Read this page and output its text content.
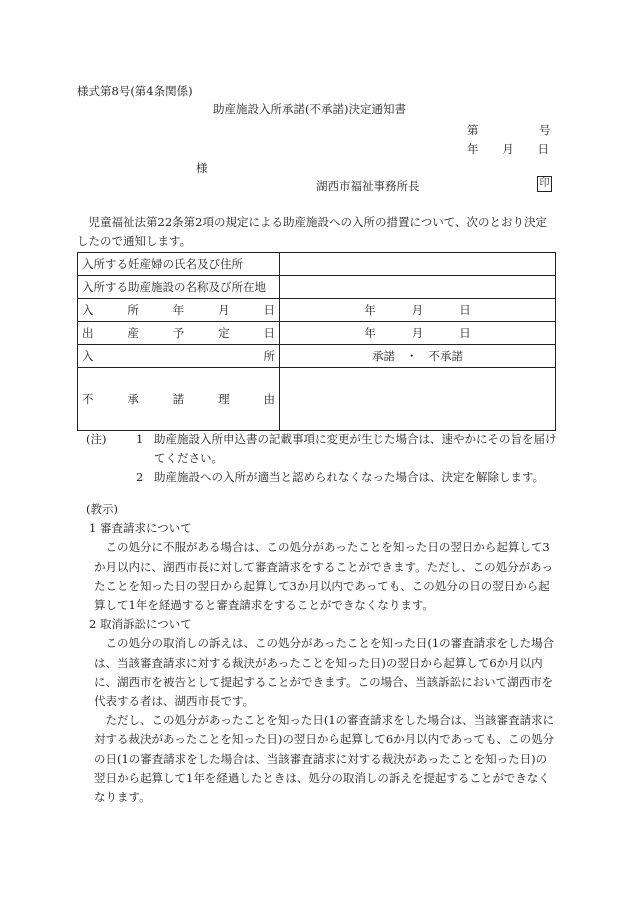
様式第8号(第4条関係)
助産施設入所承諾(不承諾)決定通知書
第	号
年 月 日
様
湖西市福祉事務所長	印
児童福祉法第22条第2項の規定による助産施設への入所の措置について、次のとおり決定したので通知します。
入所する妊産婦の氏名及び住所	
入所する助産施設の名称及び所在地	

入 所 年 月 日	年 月 日

出 産 予 定 日	年 月 日

入 所	承諾 ・ 不承諾

不 承 諾 理 由	

(注)	1 助産施設入所申込書の記載事項に変更が生じた場合は、速やかにその旨を届けてください。
2 助産施設への入所が適当と認められなくなった場合は、決定を解除します。
(教示)
1 審査請求について
この処分に不服がある場合は、この処分があったことを知った日の翌日から起算して3か月以内に、湖西市長に対して審査請求をすることができます。ただし、この処分があったことを知った日の翌日から起算して3か月以内であっても、この処分の日の翌日から起算して1年を経過すると審査請求をすることができなくなります。
2 取消訴訟について
この処分の取消しの訴えは、この処分があったことを知った日(1の審査請求をした場合は、当該審査請求に対する裁決があったことを知った日)の翌日から起算して6か月以内に、湖西市を被告として提起することができます。この場合、当該訴訟において湖西市を代表する者は、湖西市長です。
ただし、この処分があったことを知った日(1の審査請求をした場合は、当該審査請求に対する裁決があったことを知った日)の翌日から起算して6か月以内であっても、この処分の日(1の審査請求をした場合は、当該審査請求に対する裁決があったことを知った日)の翌日から起算して1年を経過したときは、処分の取消しの訴えを提起することができなくなります。
